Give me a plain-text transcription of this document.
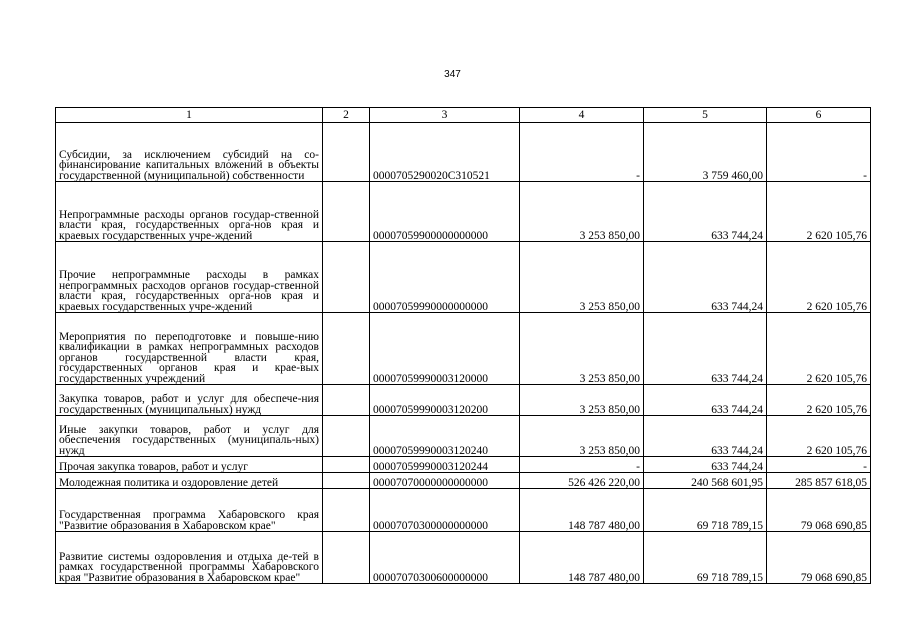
347
1	2	3	4	5	6
Субсидии, за исключением субсидий на со-финансирование капитальных вложений в объекты государственной (муниципальной) собственности		0000705290020С310521	-	3 759 460,00	-
Непрограммные расходы органов государ-ственной власти края, государственных орга-нов края и краевых государственных учре-ждений		00007059900000000000	3 253 850,00	633 744,24	2 620 105,76
Прочие непрограммные расходы в рамках непрограммных расходов органов государ-ственной власти края, государственных орга-нов края и краевых государственных учре-ждений		00007059990000000000	3 253 850,00	633 744,24	2 620 105,76
Мероприятия по переподготовке и повыше-нию квалификации в рамках непрограммных расходов органов государственной власти края, государственных органов края и крае-вых государственных учреждений		00007059990003120000	3 253 850,00	633 744,24	2 620 105,76
Закупка товаров, работ и услуг для обеспече-ния государственных (муниципальных) нужд		00007059990003120200	3 253 850,00	633 744,24	2 620 105,76
Иные закупки товаров, работ и услуг для обеспечения государственных (муниципаль-ных) нужд		00007059990003120240	3 253 850,00	633 744,24	2 620 105,76
Прочая закупка товаров, работ и услуг		00007059990003120244	-	633 744,24	-
Молодежная политика и оздоровление детей		00007070000000000000	526 426 220,00	240 568 601,95	285 857 618,05
Государственная программа Хабаровского края "Развитие образования в Хабаровском крае"		00007070300000000000	148 787 480,00	69 718 789,15	79 068 690,85
Развитие системы оздоровления и отдыха де-тей в рамках государственной программы Хабаровского края "Развитие образования в Хабаровском крае"		00007070300600000000	148 787 480,00	69 718 789,15	79 068 690,85
